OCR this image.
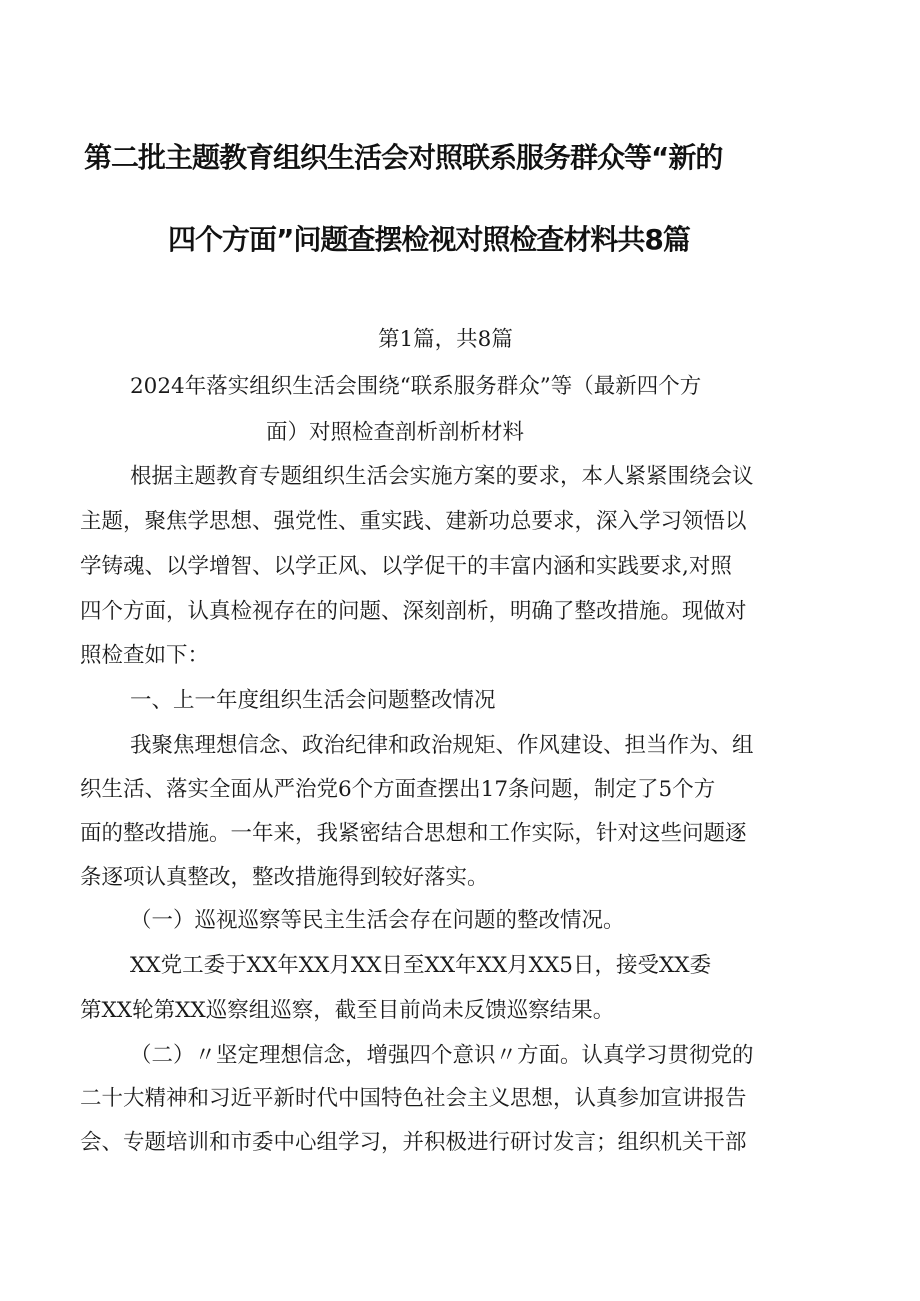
第二批主题教育组织生活会对照联系服务群众等“新的
四个方面”问题查摆检视对照检查材料共8篇
第1篇，共8篇
2024年落实组织生活会围绕“联系服务群众”等（最新四个方
面）对照检查剖析剖析材料
根据主题教育专题组织生活会实施方案的要求，本人紧紧围绕会议
主题，聚焦学思想、强党性、重实践、建新功总要求，深入学习领悟以
学铸魂、以学增智、以学正风、以学促干的丰富内涵和实践要求,对照
四个方面，认真检视存在的问题、深刻剖析，明确了整改措施。现做对
照检查如下：
一、上一年度组织生活会问题整改情况
我聚焦理想信念、政治纪律和政治规矩、作风建设、担当作为、组
织生活、落实全面从严治党6个方面查摆出17条问题，制定了5个方
面的整改措施。一年来，我紧密结合思想和工作实际，针对这些问题逐
条逐项认真整改，整改措施得到较好落实。
（一）巡视巡察等民主生活会存在问题的整改情况。
XX党工委于XX年XX月XX日至XX年XX月XX5日，接受XX委
第XX轮第XX巡察组巡察，截至目前尚未反馈巡察结果。
（二）〃坚定理想信念，增强四个意识〃方面。认真学习贯彻党的
二十大精神和习近平新时代中国特色社会主义思想，认真参加宣讲报告
会、专题培训和市委中心组学习，并积极进行研讨发言；组织机关干部
